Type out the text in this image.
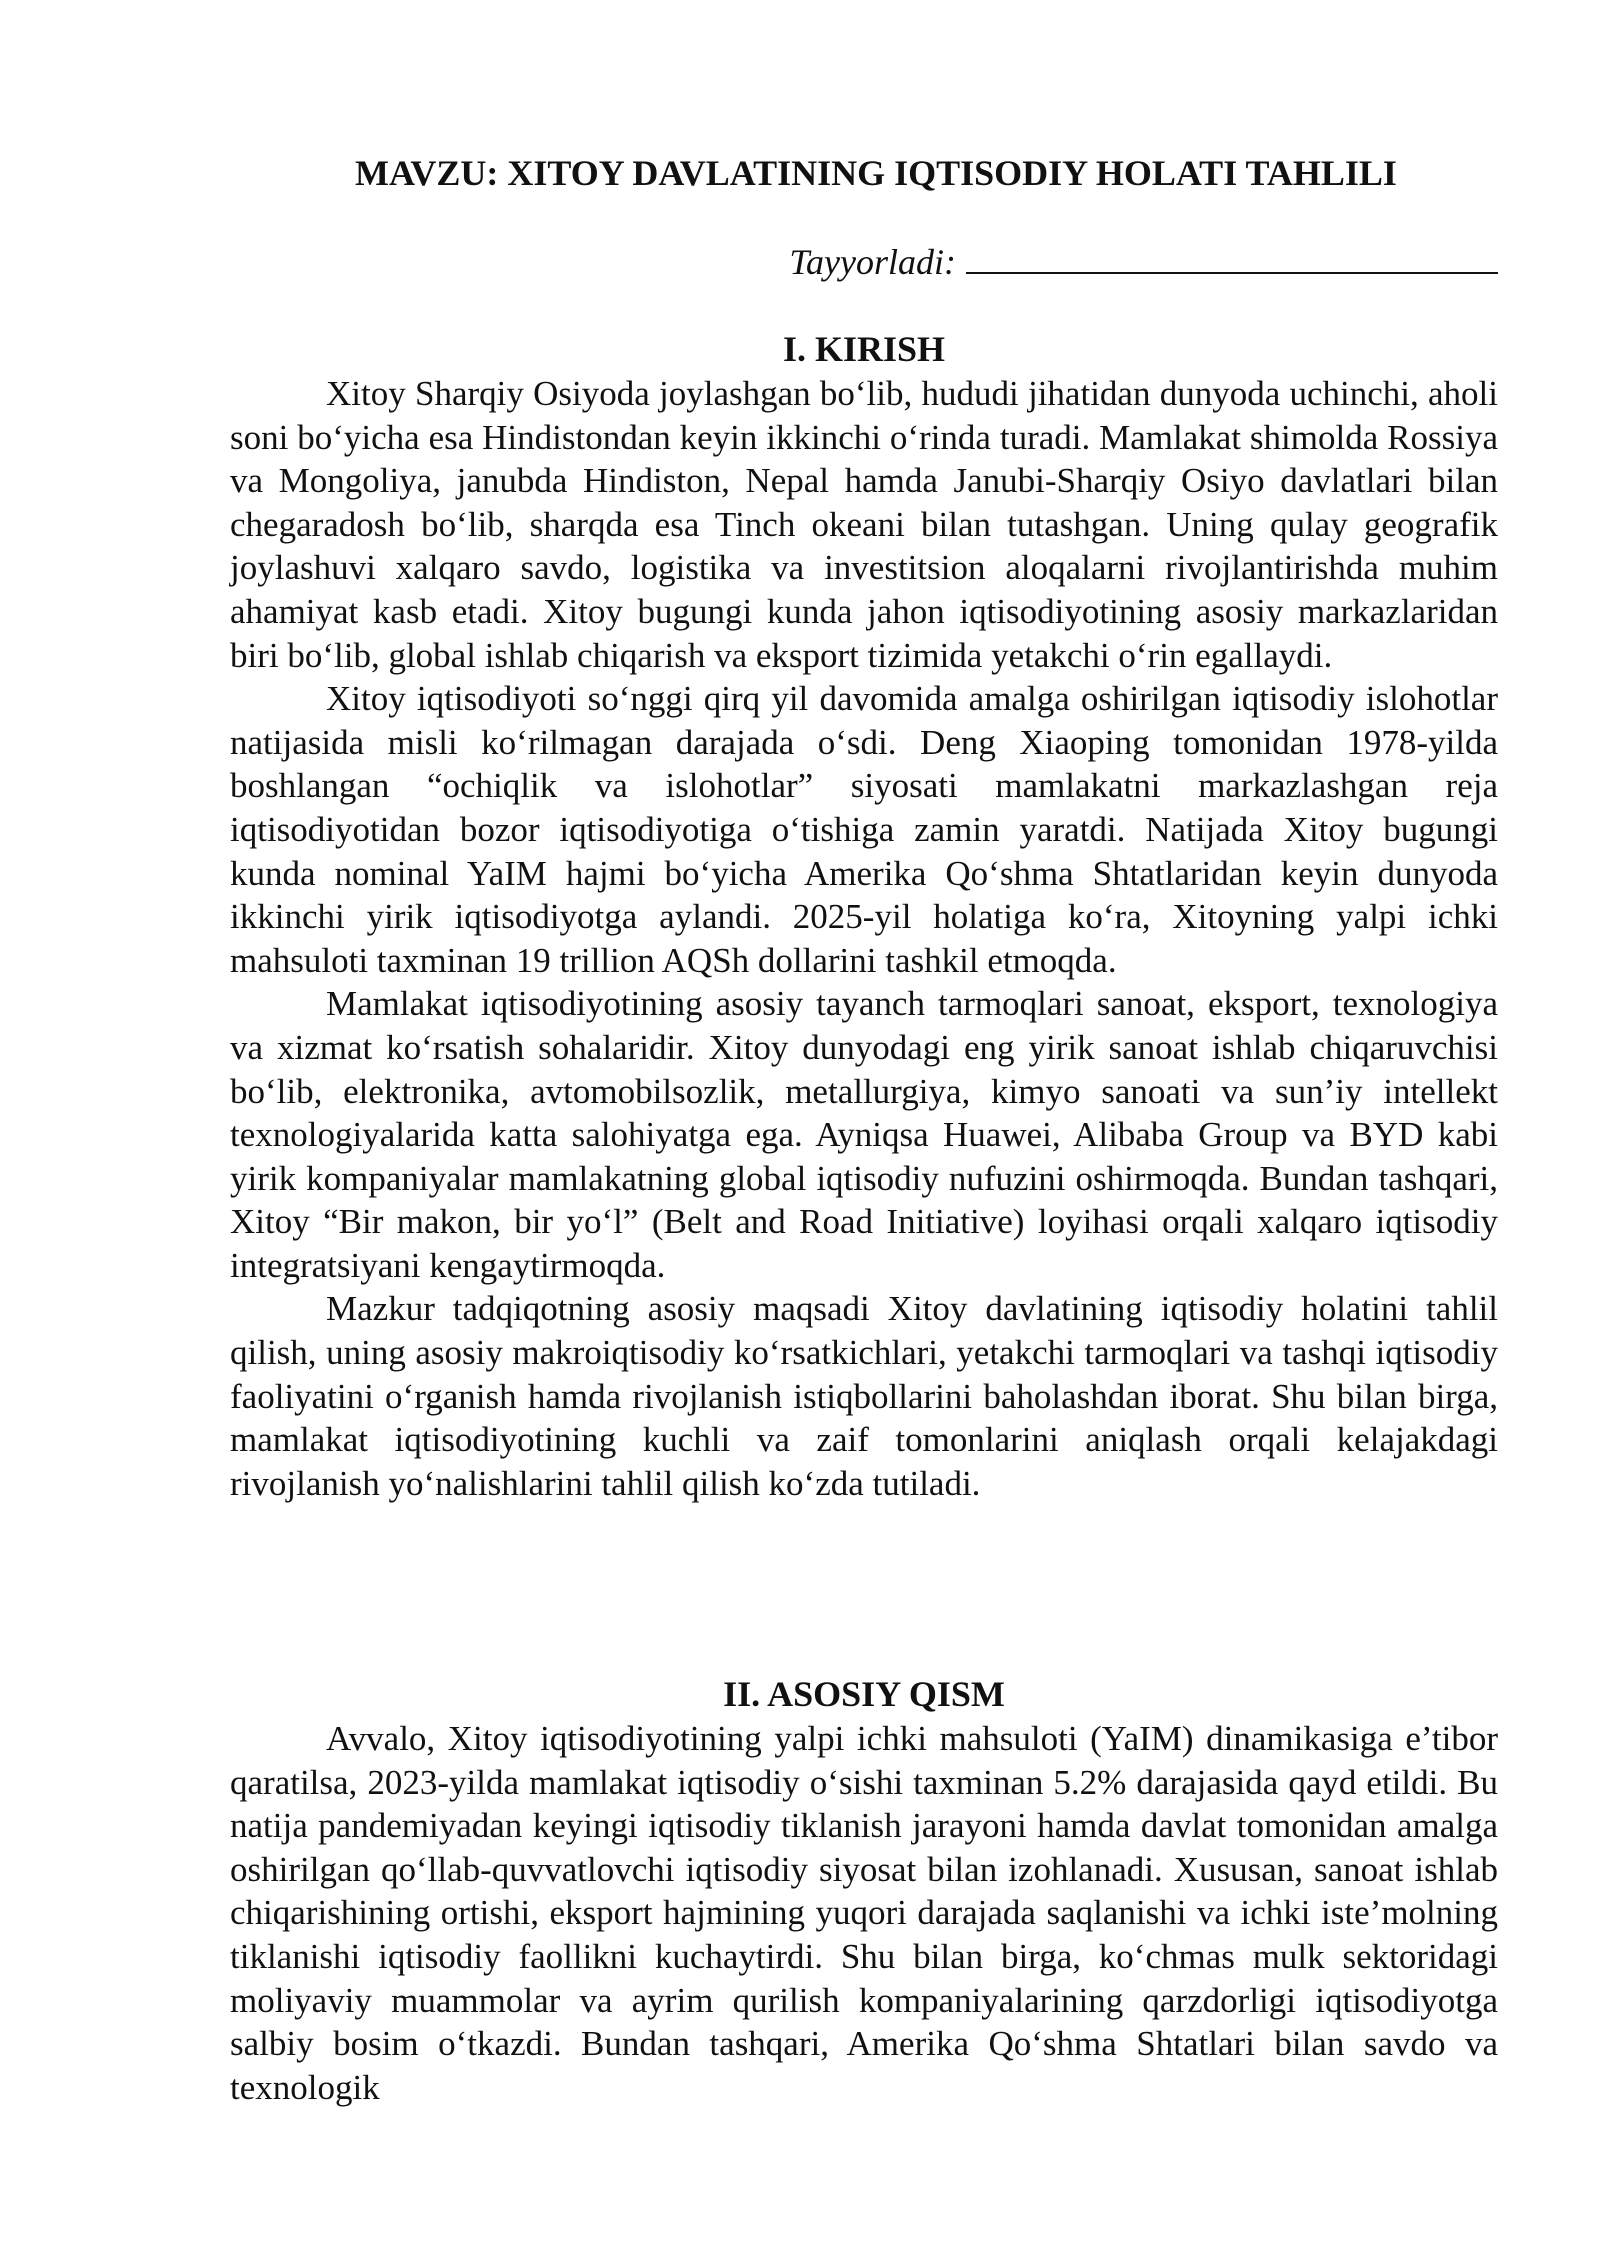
MAVZU: XITOY DAVLATINING IQTISODIY HOLATI TAHLILI
Tayyorladi:
I. KIRISH

Xitoy Sharqiy Osiyoda joylashgan boʻlib, hududi jihatidan dunyoda uchinchi, aholi soni boʻyicha esa Hindistondan keyin ikkinchi oʻrinda turadi. Mamlakat shimolda Rossiya va Mongoliya, janubda Hindiston, Nepal hamda Janubi-Sharqiy Osiyo davlatlari bilan chegaradosh boʻlib, sharqda esa Tinch okeani bilan tutashgan. Uning qulay geografik joylashuvi xalqaro savdo, logistika va investitsion aloqalarni rivojlantirishda muhim ahamiyat kasb etadi. Xitoy bugungi kunda jahon iqtisodiyotining asosiy markazlaridan biri boʻlib, global ishlab chiqarish va eksport tizimida yetakchi oʻrin egallaydi.

Xitoy iqtisodiyoti soʻnggi qirq yil davomida amalga oshirilgan iqtisodiy islohotlar natijasida misli koʻrilmagan darajada oʻsdi. Deng Xiaoping tomonidan 1978-yilda boshlangan “ochiqlik va islohotlar” siyosati mamlakatni markazlashgan reja iqtisodiyotidan bozor iqtisodiyotiga oʻtishiga zamin yaratdi. Natijada Xitoy bugungi kunda nominal YaIM hajmi boʻyicha Amerika Qoʻshma Shtatlaridan keyin dunyoda ikkinchi yirik iqtisodiyotga aylandi. 2025-yil holatiga koʻra, Xitoyning yalpi ichki mahsuloti taxminan 19 trillion AQSh dollarini tashkil etmoqda.

Mamlakat iqtisodiyotining asosiy tayanch tarmoqlari sanoat, eksport, texnologiya va xizmat koʻrsatish sohalaridir. Xitoy dunyodagi eng yirik sanoat ishlab chiqaruvchisi boʻlib, elektronika, avtomobilsozlik, metallurgiya, kimyo sanoati va sun’iy intellekt texnologiyalarida katta salohiyatga ega. Ayniqsa Huawei, Alibaba Group va BYD kabi yirik kompaniyalar mamlakatning global iqtisodiy nufuzini oshirmoqda. Bundan tashqari, Xitoy “Bir makon, bir yoʻl” (Belt and Road Initiative) loyihasi orqali xalqaro iqtisodiy integratsiyani kengaytirmoqda.

Mazkur tadqiqotning asosiy maqsadi Xitoy davlatining iqtisodiy holatini tahlil qilish, uning asosiy makroiqtisodiy koʻrsatkichlari, yetakchi tarmoqlari va tashqi iqtisodiy faoliyatini oʻrganish hamda rivojlanish istiqbollarini baholashdan iborat. Shu bilan birga, mamlakat iqtisodiyotining kuchli va zaif tomonlarini aniqlash orqali kelajakdagi rivojlanish yoʻnalishlarini tahlil qilish koʻzda tutiladi.

II. ASOSIY QISM

Avvalo, Xitoy iqtisodiyotining yalpi ichki mahsuloti (YaIM) dinamikasiga e’tibor qaratilsa, 2023-yilda mamlakat iqtisodiy oʻsishi taxminan 5.2% darajasida qayd etildi. Bu natija pandemiyadan keyingi iqtisodiy tiklanish jarayoni hamda davlat tomonidan amalga oshirilgan qoʻllab-quvvatlovchi iqtisodiy siyosat bilan izohlanadi. Xususan, sanoat ishlab chiqarishining ortishi, eksport hajmining yuqori darajada saqlanishi va ichki iste’molning tiklanishi iqtisodiy faollikni kuchaytirdi. Shu bilan birga, koʻchmas mulk sektoridagi moliyaviy muammolar va ayrim qurilish kompaniyalarining qarzdorligi iqtisodiyotga salbiy bosim oʻtkazdi. Bundan tashqari, Amerika Qoʻshma Shtatlari bilan savdo va texnologik
